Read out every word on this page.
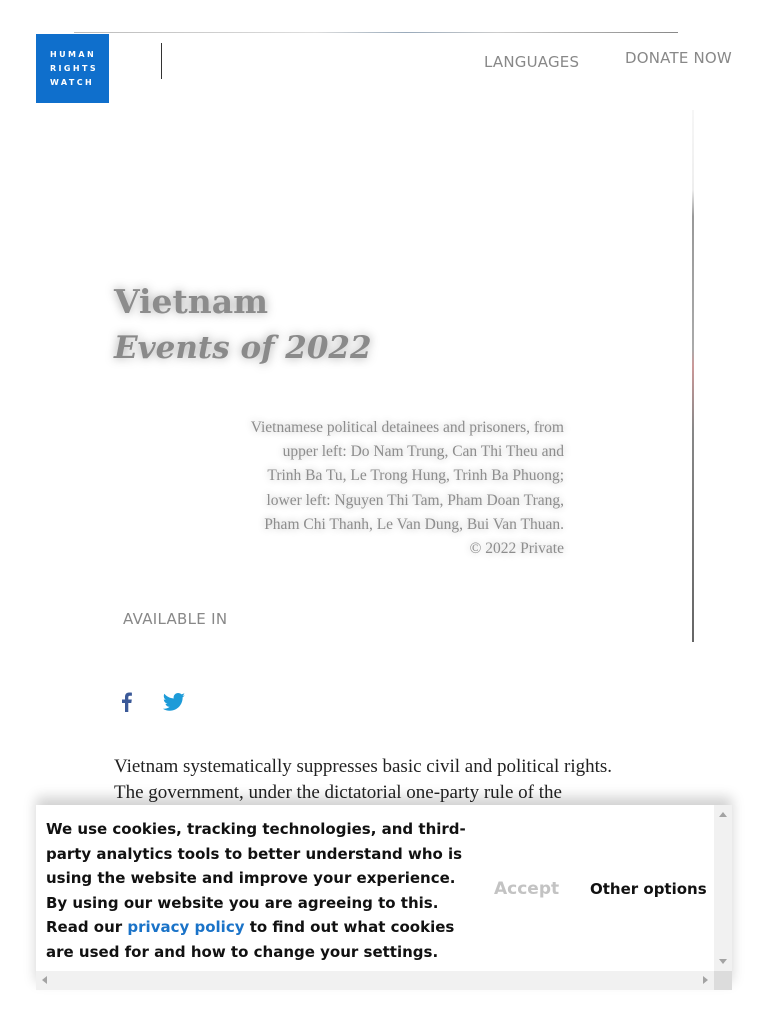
HUMAN
RIGHTS
WATCH
LANGUAGES	DONATE NOW
Vietnam
Events of 2022
Vietnamese political detainees and prisoners, from
upper left: Do Nam Trung, Can Thi Theu and
Trinh Ba Tu, Le Trong Hung, Trinh Ba Phuong;
lower left: Nguyen Thi Tam, Pham Doan Trang,
Pham Chi Thanh, Le Van Dung, Bui Van Thuan.
© 2022 Private
AVAILABLE IN
Vietnam systematically suppresses basic civil and political rights.
The government, under the dictatorial one-party rule of the

We use cookies, tracking technologies, and third-party analytics tools to better understand who is using the website and improve your experience. By using our website you are agreeing to this. Read our privacy policy to find out what cookies are used for and how to change your settings.

Accept Other options
